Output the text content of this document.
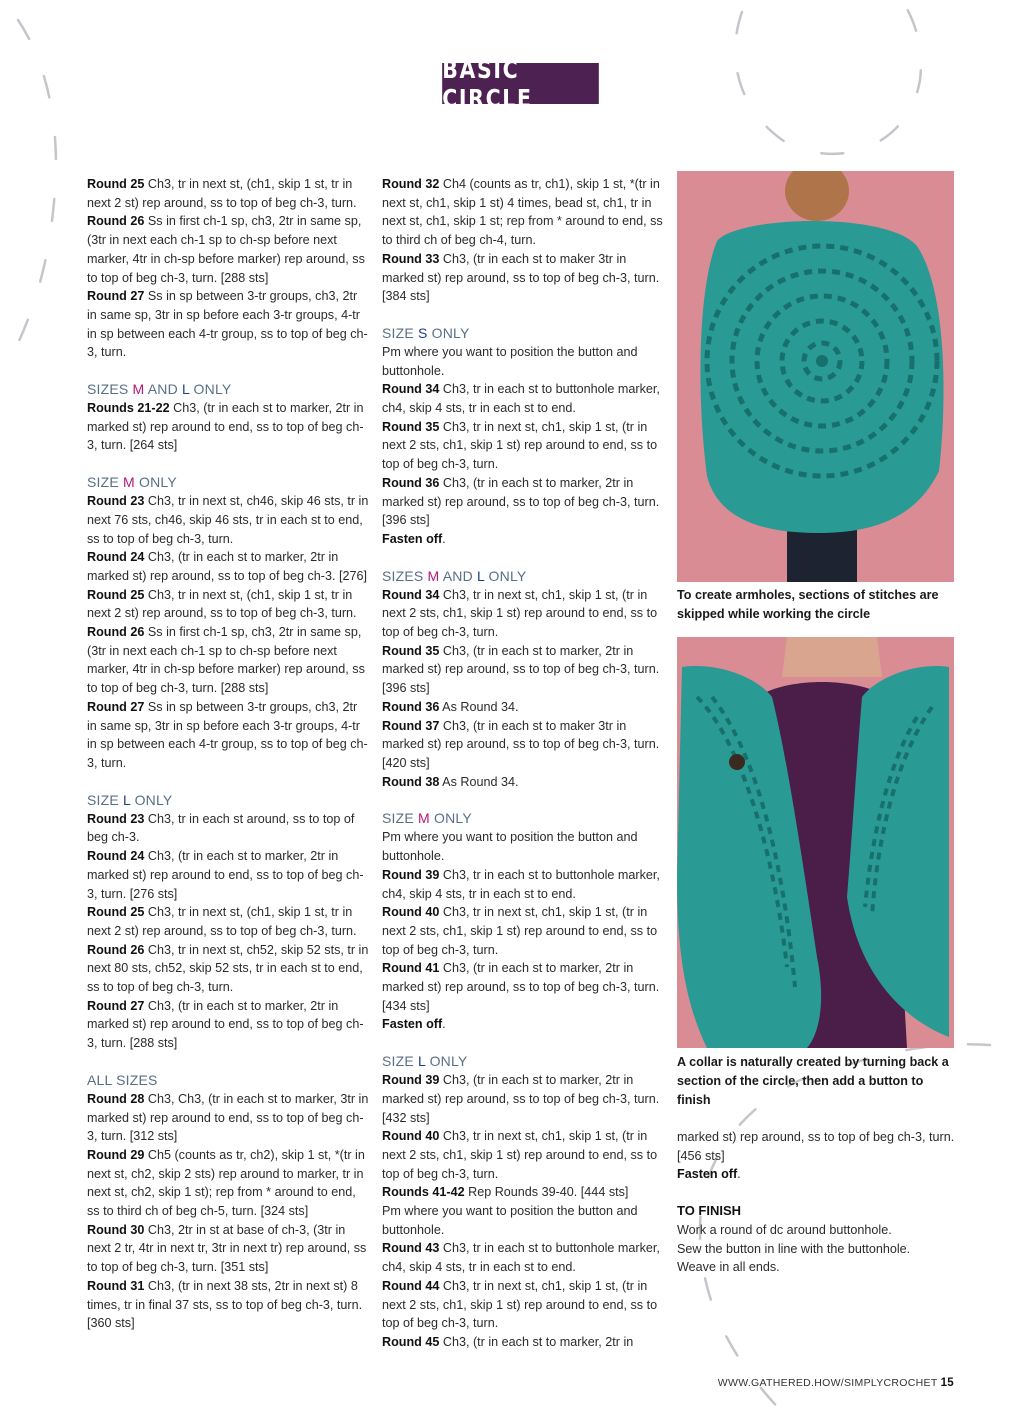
BASIC CIRCLE

Round 25 Ch3, tr in next st, (ch1, skip 1 st, tr in next 2 st) rep around, ss to top of beg ch-3, turn.

Round 26 Ss in first ch-1 sp, ch3, 2tr in same sp, (3tr in next each ch-1 sp to ch-sp before next marker, 4tr in ch-sp before marker) rep around, ss to top of beg ch-3, turn. [288 sts]

Round 27 Ss in sp between 3-tr groups, ch3, 2tr in same sp, 3tr in sp before each 3-tr groups, 4-tr in sp between each 4-tr group, ss to top of beg ch-3, turn.

SIZES M AND L ONLY

Rounds 21-22 Ch3, (tr in each st to marker, 2tr in marked st) rep around to end, ss to top of beg ch-3, turn. [264 sts]

SIZE M ONLY

Round 23 Ch3, tr in next st, ch46, skip 46 sts, tr in next 76 sts, ch46, skip 46 sts, tr in each st to end, ss to top of beg ch-3, turn.

Round 24 Ch3, (tr in each st to marker, 2tr in marked st) rep around, ss to top of beg ch-3. [276]

Round 25 Ch3, tr in next st, (ch1, skip 1 st, tr in next 2 st) rep around, ss to top of beg ch-3, turn.

Round 26 Ss in first ch-1 sp, ch3, 2tr in same sp, (3tr in next each ch-1 sp to ch-sp before next marker, 4tr in ch-sp before marker) rep around, ss to top of beg ch-3, turn. [288 sts]

Round 27 Ss in sp between 3-tr groups, ch3, 2tr in same sp, 3tr in sp before each 3-tr groups, 4-tr in sp between each 4-tr group, ss to top of beg ch-3, turn.

SIZE L ONLY

Round 23 Ch3, tr in each st around, ss to top of beg ch-3.

Round 24 Ch3, (tr in each st to marker, 2tr in marked st) rep around to end, ss to top of beg ch-3, turn. [276 sts]

Round 25 Ch3, tr in next st, (ch1, skip 1 st, tr in next 2 st) rep around, ss to top of beg ch-3, turn.

Round 26 Ch3, tr in next st, ch52, skip 52 sts, tr in next 80 sts, ch52, skip 52 sts, tr in each st to end, ss to top of beg ch-3, turn.

Round 27 Ch3, (tr in each st to marker, 2tr in marked st) rep around to end, ss to top of beg ch-3, turn. [288 sts]

ALL SIZES

Round 28 Ch3, Ch3, (tr in each st to marker, 3tr in marked st) rep around to end, ss to top of beg ch-3, turn. [312 sts]

Round 29 Ch5 (counts as tr, ch2), skip 1 st, *(tr in next st, ch2, skip 2 sts) rep around to marker, tr in next st, ch2, skip 1 st); rep from * around to end, ss to third ch of beg ch-5, turn. [324 sts]

Round 30 Ch3, 2tr in st at base of ch-3, (3tr in next 2 tr, 4tr in next tr, 3tr in next tr) rep around, ss to top of beg ch-3, turn. [351 sts]

Round 31 Ch3, (tr in next 38 sts, 2tr in next st) 8 times, tr in final 37 sts, ss to top of beg ch-3, turn. [360 sts]

Round 32 Ch4 (counts as tr, ch1), skip 1 st, *(tr in next st, ch1, skip 1 st) 4 times, bead st, ch1, tr in next st, ch1, skip 1 st; rep from * around to end, ss to third ch of beg ch-4, turn.

Round 33 Ch3, (tr in each st to maker 3tr in marked st) rep around, ss to top of beg ch-3, turn. [384 sts]

SIZE S ONLY

Pm where you want to position the button and buttonhole.

Round 34 Ch3, tr in each st to buttonhole marker, ch4, skip 4 sts, tr in each st to end.

Round 35 Ch3, tr in next st, ch1, skip 1 st, (tr in next 2 sts, ch1, skip 1 st) rep around to end, ss to top of beg ch-3, turn.

Round 36 Ch3, (tr in each st to marker, 2tr in marked st) rep around, ss to top of beg ch-3, turn. [396 sts]

Fasten off.

SIZES M AND L ONLY

Round 34 Ch3, tr in next st, ch1, skip 1 st, (tr in next 2 sts, ch1, skip 1 st) rep around to end, ss to top of beg ch-3, turn.

Round 35 Ch3, (tr in each st to marker, 2tr in marked st) rep around, ss to top of beg ch-3, turn. [396 sts]

Round 36 As Round 34.

Round 37 Ch3, (tr in each st to maker 3tr in marked st) rep around, ss to top of beg ch-3, turn. [420 sts]

Round 38 As Round 34.

SIZE M ONLY

Pm where you want to position the button and buttonhole.

Round 39 Ch3, tr in each st to buttonhole marker, ch4, skip 4 sts, tr in each st to end.

Round 40 Ch3, tr in next st, ch1, skip 1 st, (tr in next 2 sts, ch1, skip 1 st) rep around to end, ss to top of beg ch-3, turn.

Round 41 Ch3, (tr in each st to marker, 2tr in marked st) rep around, ss to top of beg ch-3, turn. [434 sts]

Fasten off.

SIZE L ONLY

Round 39 Ch3, (tr in each st to marker, 2tr in marked st) rep around, ss to top of beg ch-3, turn. [432 sts]

Round 40 Ch3, tr in next st, ch1, skip 1 st, (tr in next 2 sts, ch1, skip 1 st) rep around to end, ss to top of beg ch-3, turn.

Rounds 41-42 Rep Rounds 39-40. [444 sts]

Pm where you want to position the button and buttonhole.

Round 43 Ch3, tr in each st to buttonhole marker, ch4, skip 4 sts, tr in each st to end.

Round 44 Ch3, tr in next st, ch1, skip 1 st, (tr in next 2 sts, ch1, skip 1 st) rep around to end, ss to top of beg ch-3, turn.

Round 45 Ch3, (tr in each st to marker, 2tr in

To create armholes, sections of stitches are skipped while working the circle
A collar is naturally created by turning back a section of the circle, then add a button to finish

marked st) rep around, ss to top of beg ch-3, turn. [456 sts]

Fasten off.

TO FINISH

Work a round of dc around buttonhole.

Sew the button in line with the buttonhole.

Weave in all ends.

WWW.GATHERED.HOW/SIMPLYCROCHET 15
